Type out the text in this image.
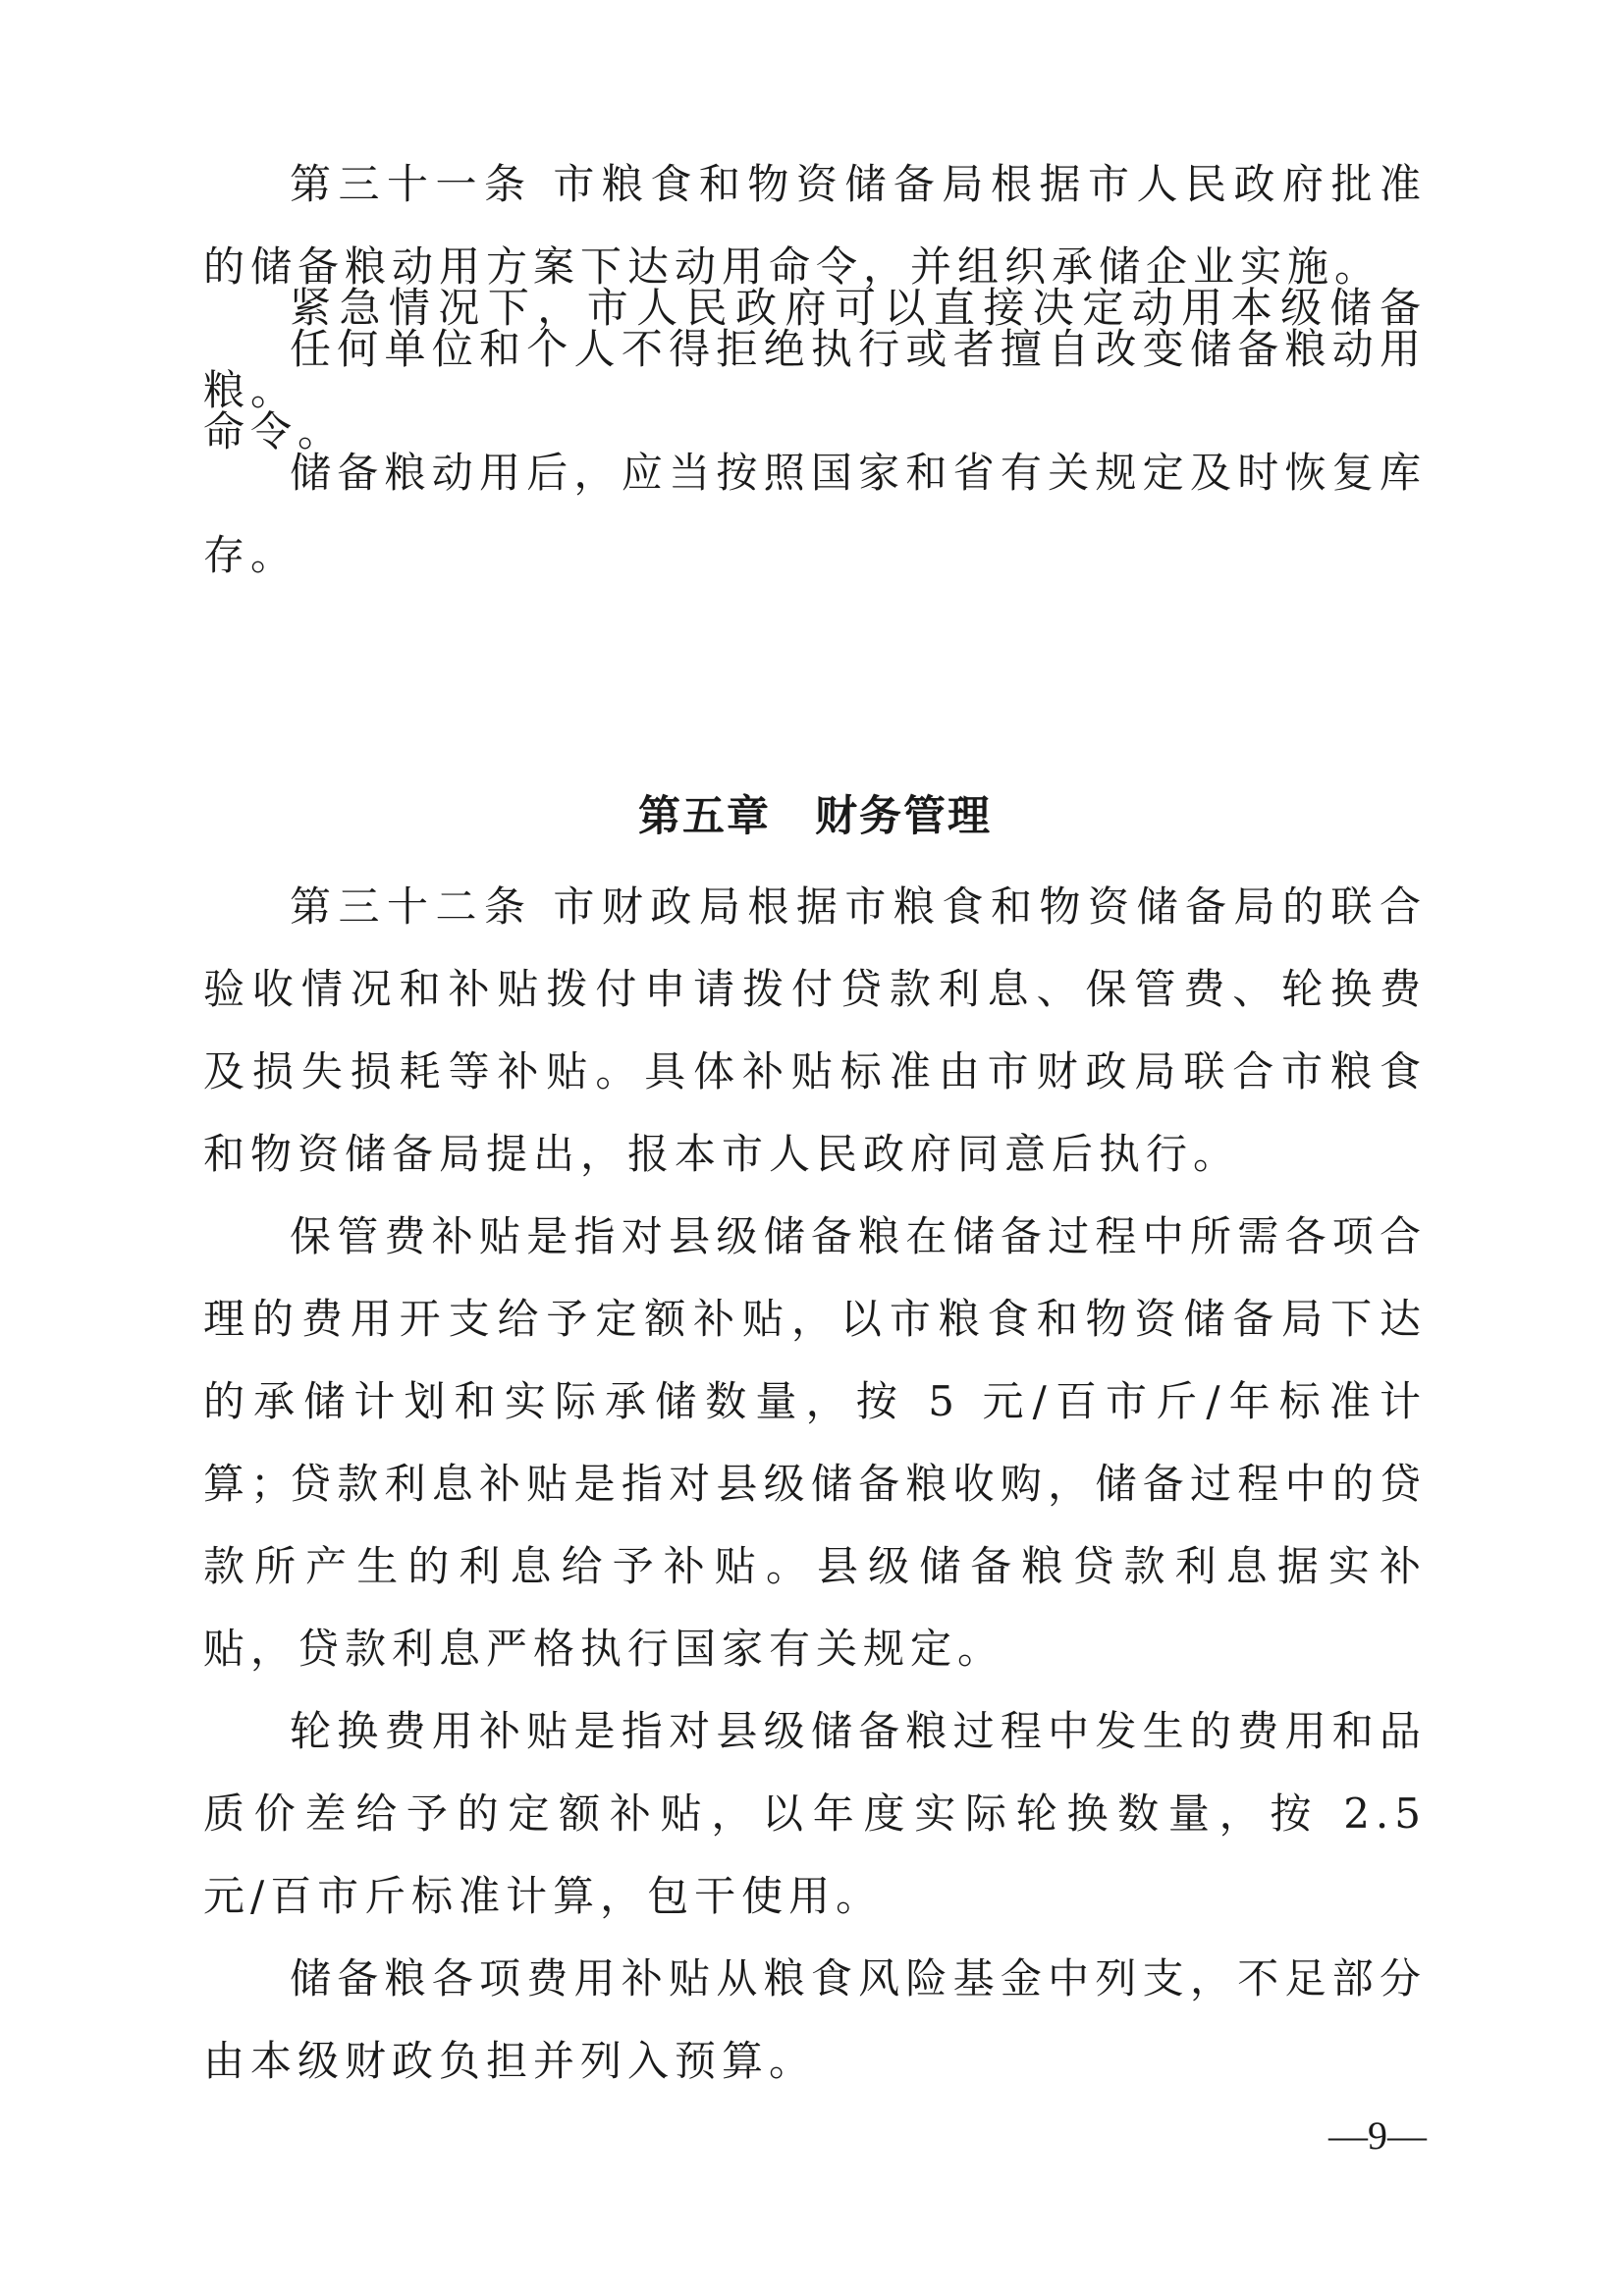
第三十一条 市粮食和物资储备局根据市人民政府批准的储备粮动用方案下达动用命令，并组织承储企业实施。

紧急情况下，市人民政府可以直接决定动用本级储备粮。

任何单位和个人不得拒绝执行或者擅自改变储备粮动用命令。

储备粮动用后，应当按照国家和省有关规定及时恢复库存。

第五章　财务管理

第三十二条 市财政局根据市粮食和物资储备局的联合验收情况和补贴拨付申请拨付贷款利息、保管费、轮换费及损失损耗等补贴。具体补贴标准由市财政局联合市粮食和物资储备局提出，报本市人民政府同意后执行。

保管费补贴是指对县级储备粮在储备过程中所需各项合理的费用开支给予定额补贴，以市粮食和物资储备局下达的承储计划和实际承储数量，按 5 元/百市斤/年标准计算；

贷款利息补贴是指对县级储备粮收购，储备过程中的贷款所产生的利息给予补贴。县级储备粮贷款利息据实补贴，贷款利息严格执行国家有关规定。

轮换费用补贴是指对县级储备粮过程中发生的费用和品质价差给予的定额补贴，以年度实际轮换数量，按 2.5 元/百市斤标准计算，包干使用。

储备粮各项费用补贴从粮食风险基金中列支，不足部分由本级财政负担并列入预算。

—9—
